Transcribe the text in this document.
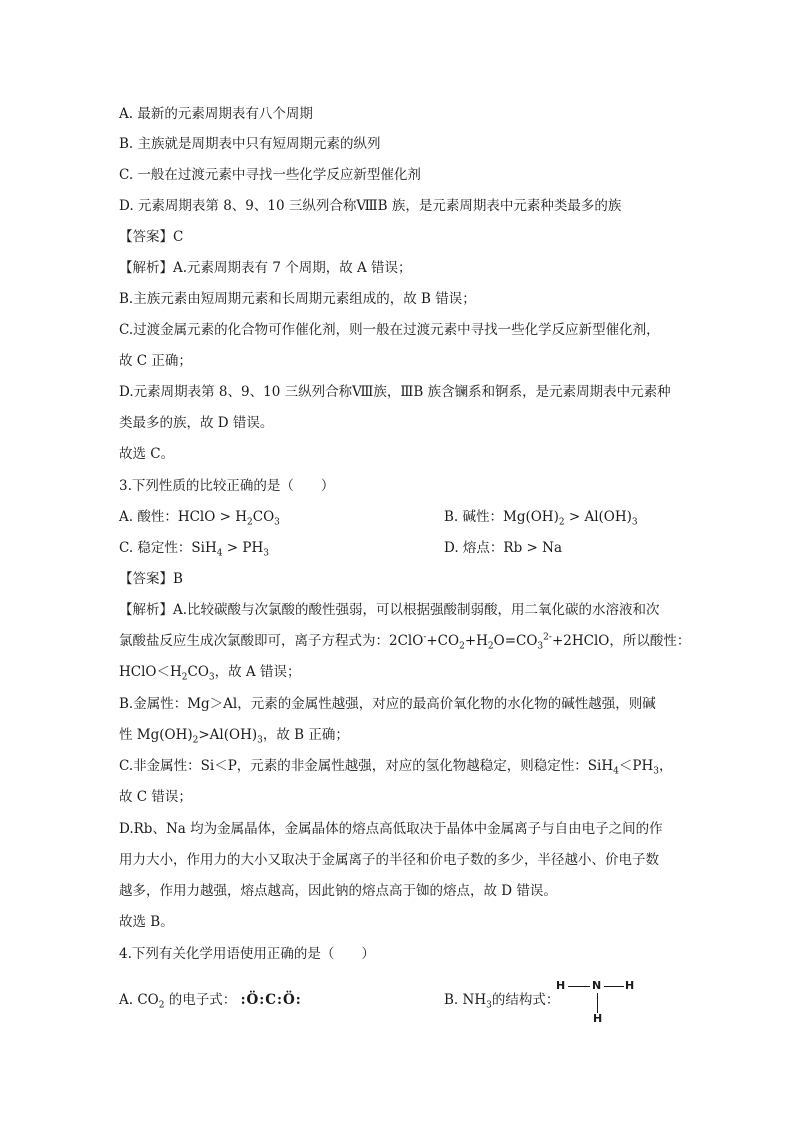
A. 最新的元素周期表有八个周期

B. 主族就是周期表中只有短周期元素的纵列

C. 一般在过渡元素中寻找一些化学反应新型催化剂

D. 元素周期表第 8、9、10 三纵列合称ⅧB 族，是元素周期表中元素种类最多的族

【答案】C

【解析】A.元素周期表有 7 个周期，故 A 错误；

B.主族元素由短周期元素和长周期元素组成的，故 B 错误；

C.过渡金属元素的化合物可作催化剂，则一般在过渡元素中寻找一些化学反应新型催化剂，

故 C 正确；

D.元素周期表第 8、9、10 三纵列合称Ⅷ族，ⅢB 族含镧系和锕系，是元素周期表中元素种

类最多的族，故 D 错误。

故选 C。

3.下列性质的比较正确的是（　　）

A. 酸性：HClO > $H_2CO_3$	B. 碱性：$Mg(OH)_2 > Al(OH)_3$

C. 稳定性：$SiH_4 > PH_3$	D. 熔点：Rb > Na

【答案】B

【解析】A.比较碳酸与次氯酸的酸性强弱，可以根据强酸制弱酸，用二氧化碳的水溶液和次

氯酸盐反应生成次氯酸即可，离子方程式为：$2ClO^-+CO_2+H_2O=CO_3^{2-}+2HClO$，所以酸性：

$HClO<H_2CO_3$，故 A 错误；

B.金属性：Mg＞Al，元素的金属性越强，对应的最高价氧化物的水化物的碱性越强，则碱

性 $Mg(OH)_2>Al(OH)_3$，故 B 正确；

C.非金属性：Si＜P，元素的非金属性越强，对应的氢化物越稳定，则稳定性：$SiH_4<PH_3$，

故 C 错误；

D.Rb、Na 均为金属晶体，金属晶体的熔点高低取决于晶体中金属离子与自由电子之间的作

用力大小，作用力的大小又取决于金属离子的半径和价电子数的多少，半径越小、价电子数

越多，作用力越强，熔点越高，因此钠的熔点高于铷的熔点，故 D 错误。

故选 B。

4.下列有关化学用语使用正确的是（　　）

A. $CO_2$ 的电子式： :Ö:C:Ö:	B. $NH_3$的结构式：

H N H
H
